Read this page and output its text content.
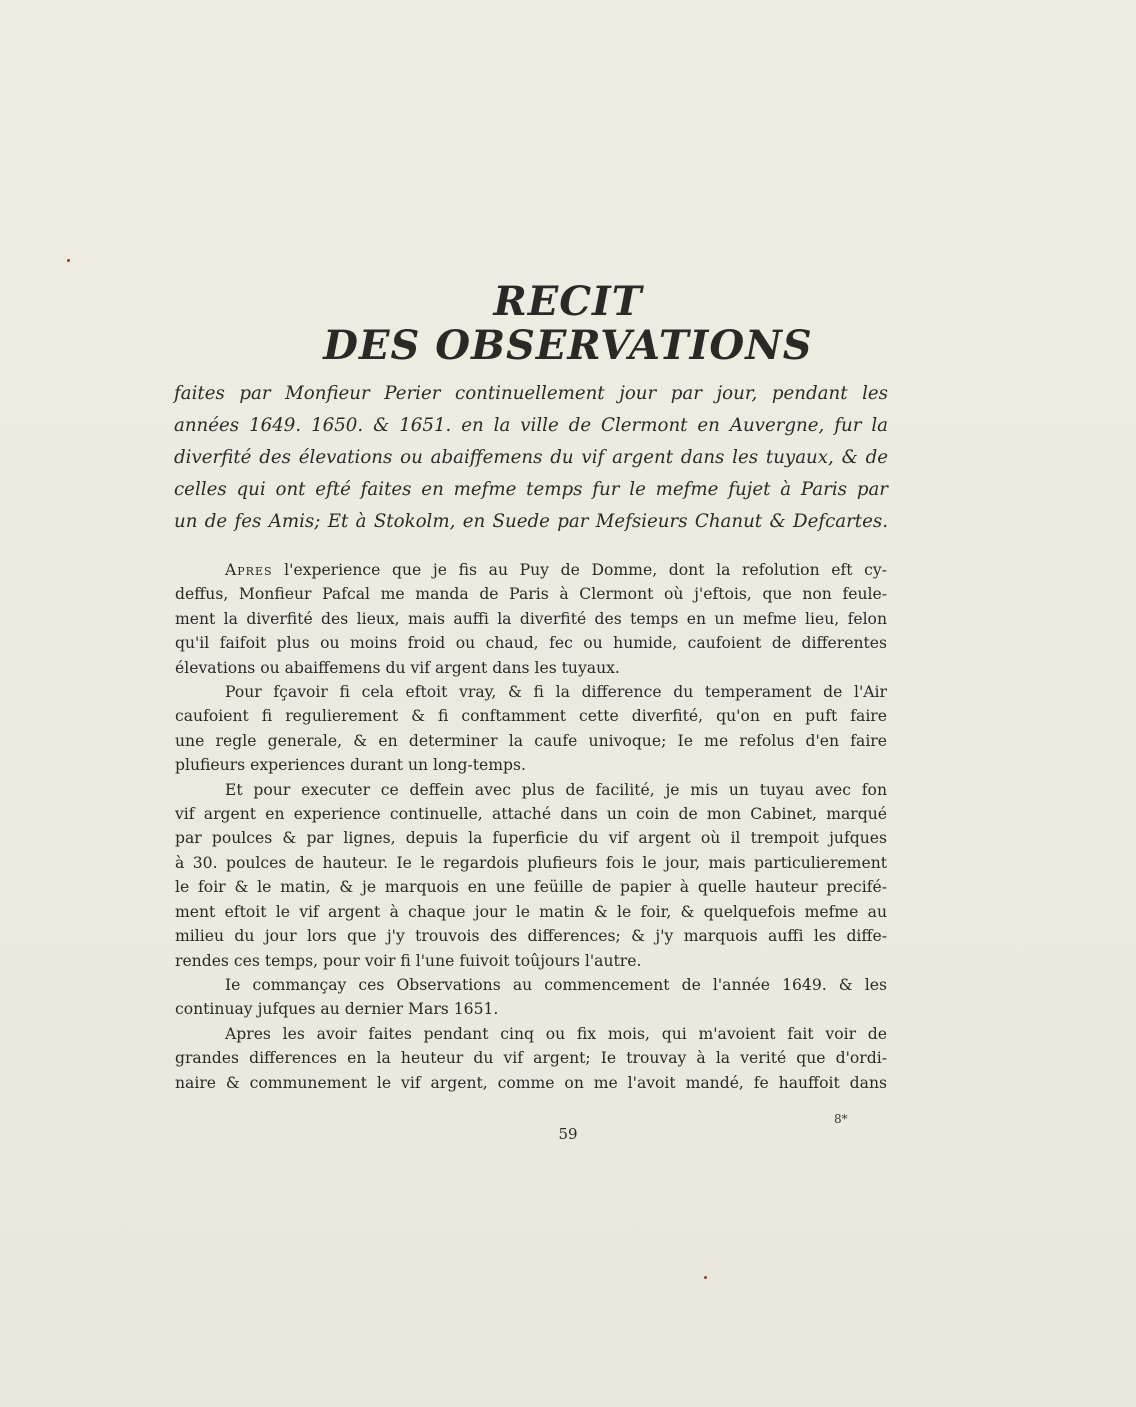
RECIT
DES OBSERVATIONS
faites par Monfieur Perier continuellement jour par jour, pendant les
années 1649. 1650. & 1651. en la ville de Clermont en Auvergne, fur la
diverfité des élevations ou abaiffemens du vif argent dans les tuyaux, & de
celles qui ont efté faites en mefme temps fur le mefme fujet à Paris par
un de fes Amis; Et à Stokolm, en Suede par Mefsieurs Chanut & Defcartes.
Apres l'experience que je fis au Puy de Domme, dont la refolution eft cy-
deffus, Monfieur Pafcal me manda de Paris à Clermont où j'eftois, que non feule-
ment la diverfité des lieux, mais auffi la diverfité des temps en un mefme lieu, felon
qu'il faifoit plus ou moins froid ou chaud, fec ou humide, caufoient de differentes
élevations ou abaiffemens du vif argent dans les tuyaux.
Pour fçavoir fi cela eftoit vray, & fi la difference du temperament de l'Air
caufoient fi regulierement & fi conftamment cette diverfité, qu'on en puft faire
une regle generale, & en determiner la caufe univoque; Ie me refolus d'en faire
plufieurs experiences durant un long-temps.
Et pour executer ce deffein avec plus de facilité, je mis un tuyau avec fon
vif argent en experience continuelle, attaché dans un coin de mon Cabinet, marqué
par poulces & par lignes, depuis la fuperficie du vif argent où il trempoit jufques
à 30. poulces de hauteur. Ie le regardois plufieurs fois le jour, mais particulierement
le foir & le matin, & je marquois en une feüille de papier à quelle hauteur precifé-
ment eftoit le vif argent à chaque jour le matin & le foir, & quelquefois mefme au
milieu du jour lors que j'y trouvois des differences; & j'y marquois auffi les diffe-
rendes ces temps, pour voir fi l'une fuivoit toûjours l'autre.
Ie commançay ces Observations au commencement de l'année 1649. & les
continuay jufques au dernier Mars 1651.
Apres les avoir faites pendant cinq ou fix mois, qui m'avoient fait voir de
grandes differences en la heuteur du vif argent; Ie trouvay à la verité que d'ordi-
naire & communement le vif argent, comme on me l'avoit mandé, fe hauffoit dans
8*
59
